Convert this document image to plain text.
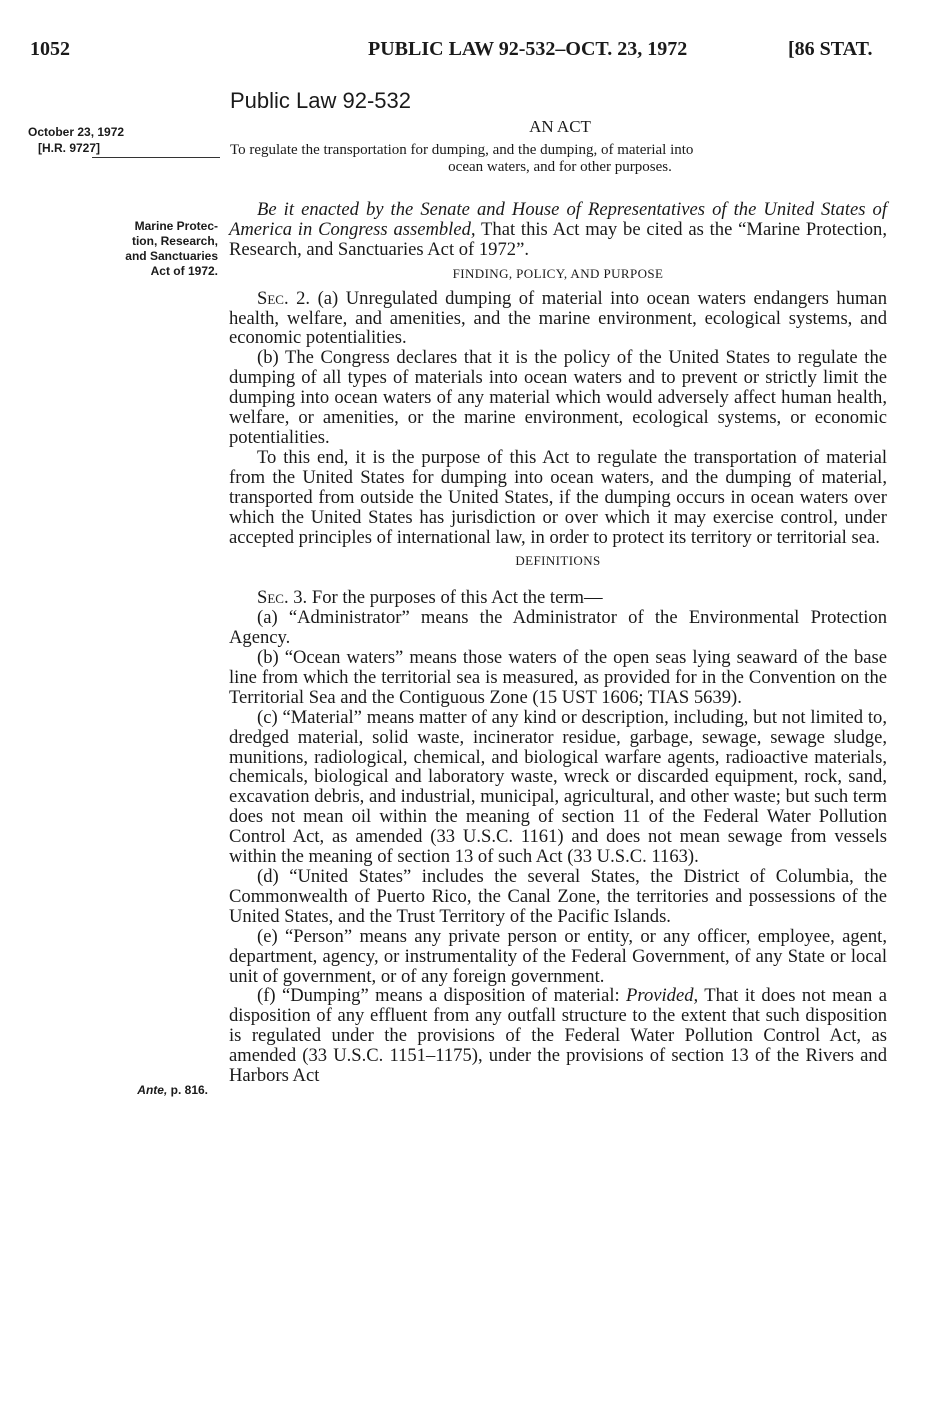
1052	PUBLIC LAW 92-532–OCT. 23, 1972	[86 STAT.
Public Law 92-532
October 23, 1972
[H.R. 9727]
AN ACT
To regulate the transportation for dumping, and the dumping, of material into
ocean waters, and for other purposes.
Marine Protec-
tion, Research,
and Sanctuaries
Act of 1972.
Ante, p. 816.

Be it enacted by the Senate and House of Representatives of the United States of America in Congress assembled, That this Act may be cited as the “Marine Protection, Research, and Sanctuaries Act of 1972”.

FINDING, POLICY, AND PURPOSE

Sec. 2. (a) Unregulated dumping of material into ocean waters endangers human health, welfare, and amenities, and the marine environment, ecological systems, and economic potentialities.

(b) The Congress declares that it is the policy of the United States to regulate the dumping of all types of materials into ocean waters and to prevent or strictly limit the dumping into ocean waters of any material which would adversely affect human health, welfare, or amenities, or the marine environment, ecological systems, or economic potentialities.

To this end, it is the purpose of this Act to regulate the transportation of material from the United States for dumping into ocean waters, and the dumping of material, transported from outside the United States, if the dumping occurs in ocean waters over which the United States has jurisdiction or over which it may exercise control, under accepted principles of international law, in order to protect its territory or territorial sea.

DEFINITIONS

Sec. 3. For the purposes of this Act the term—

(a) “Administrator” means the Administrator of the Environmental Protection Agency.

(b) “Ocean waters” means those waters of the open seas lying seaward of the base line from which the territorial sea is measured, as provided for in the Convention on the Territorial Sea and the Contiguous Zone (15 UST 1606; TIAS 5639).

(c) “Material” means matter of any kind or description, including, but not limited to, dredged material, solid waste, incinerator residue, garbage, sewage, sewage sludge, munitions, radiological, chemical, and biological warfare agents, radioactive materials, chemicals, biological and laboratory waste, wreck or discarded equipment, rock, sand, excavation debris, and industrial, municipal, agricultural, and other waste; but such term does not mean oil within the meaning of section 11 of the Federal Water Pollution Control Act, as amended (33 U.S.C. 1161) and does not mean sewage from vessels within the meaning of section 13 of such Act (33 U.S.C. 1163).

(d) “United States” includes the several States, the District of Columbia, the Commonwealth of Puerto Rico, the Canal Zone, the territories and possessions of the United States, and the Trust Territory of the Pacific Islands.

(e) “Person” means any private person or entity, or any officer, employee, agent, department, agency, or instrumentality of the Federal Government, of any State or local unit of government, or of any foreign government.

(f) “Dumping” means a disposition of material: Provided, That it does not mean a disposition of any effluent from any outfall structure to the extent that such disposition is regulated under the provisions of the Federal Water Pollution Control Act, as amended (33 U.S.C. 1151–1175), under the provisions of section 13 of the Rivers and Harbors Act
